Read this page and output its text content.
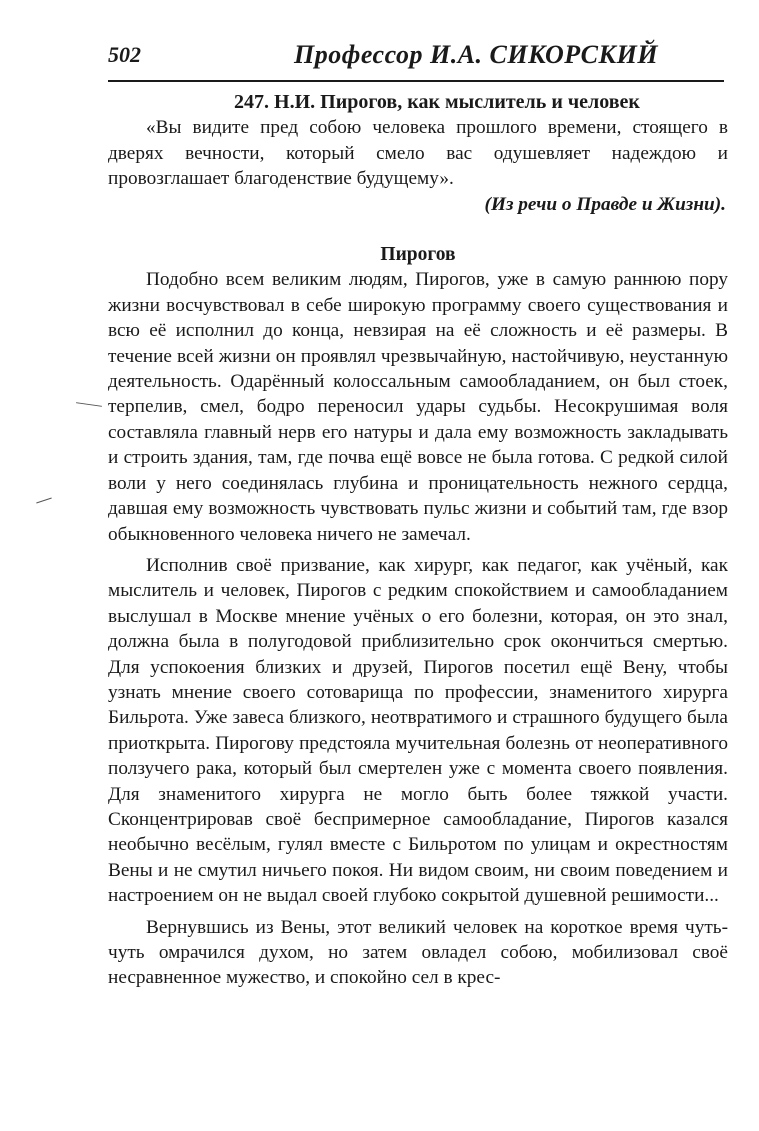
502	Профессор И.А. СИКОРСКИЙ

247. Н.И. Пирогов, как мыслитель и человек

«Вы видите пред собою человека прошлого времени, стоящего в дверях вечности, который смело вас одушевляет надеждою и провозглашает благоденствие будущему».

(Из речи о Правде и Жизни).

Пирогов

Подобно всем великим людям, Пирогов, уже в самую раннюю пору жизни восчувствовал в себе широкую программу своего существования и всю её исполнил до конца, невзирая на её сложность и её размеры. В течение всей жизни он проявлял чрезвычайную, настойчивую, неустанную деятельность. Одарённый колоссальным самообладанием, он был стоек, терпелив, смел, бодро переносил удары судьбы. Несокрушимая воля составляла главный нерв его натуры и дала ему возможность закладывать и строить здания, там, где почва ещё вовсе не была готова. С редкой силой воли у него соединялась глубина и проницательность нежного сердца, давшая ему возможность чувствовать пульс жизни и событий там, где взор обыкновенного человека ничего не замечал.

Исполнив своё призвание, как хирург, как педагог, как учёный, как мыслитель и человек, Пирогов с редким спокойствием и самообладанием выслушал в Москве мнение учёных о его болезни, которая, он это знал, должна была в полугодовой приблизительно срок окончиться смертью. Для успокоения близких и друзей, Пирогов посетил ещё Вену, чтобы узнать мнение своего сотоварища по профессии, знаменитого хирурга Бильрота. Уже завеса близкого, неотвратимого и страшного будущего была приоткрыта. Пирогову предстояла мучительная болезнь от неоперативного ползучего рака, который был смертелен уже с момента своего появления. Для знаменитого хирурга не могло быть более тяжкой участи. Сконцентрировав своё беспримерное самообладание, Пирогов казался необычно весёлым, гулял вместе с Бильротом по улицам и окрестностям Вены и не смутил ничьего покоя. Ни видом своим, ни своим поведением и настроением он не выдал своей глубоко сокрытой душевной решимости...

Вернувшись из Вены, этот великий человек на короткое время чуть-чуть омрачился духом, но затем овладел собою, мобилизовал своё несравненное мужество, и спокойно сел в крес-
